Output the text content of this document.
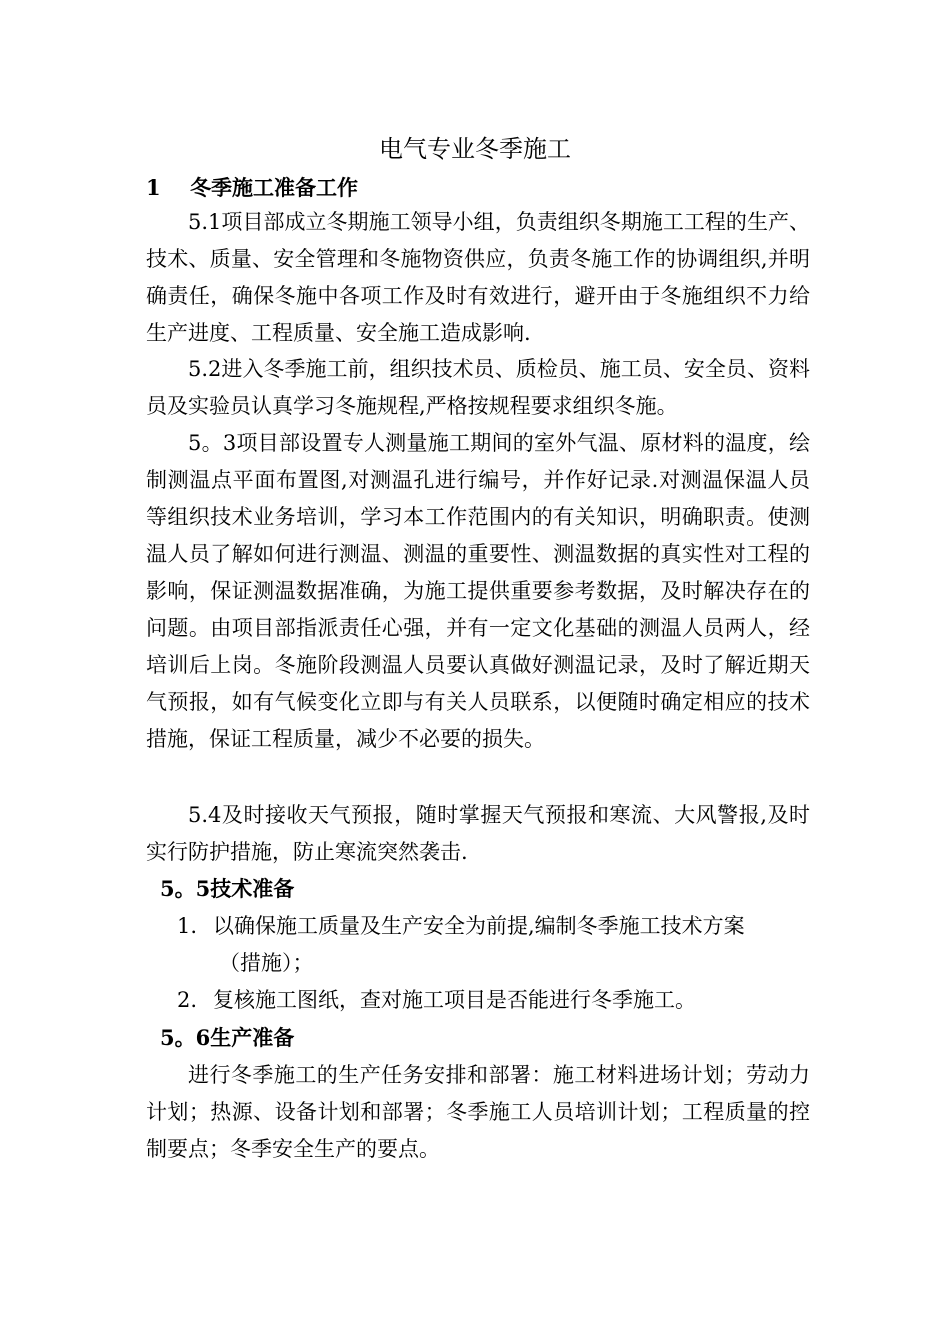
电气专业冬季施工
1 冬季施工准备工作
5.1项目部成立冬期施工领导小组，负责组织冬期施工工程的生产、技术、质量、安全管理和冬施物资供应，负责冬施工作的协调组织,并明确责任，确保冬施中各项工作及时有效进行，避开由于冬施组织不力给生产进度、工程质量、安全施工造成影响.
5.2进入冬季施工前，组织技术员、质检员、施工员、安全员、资料员及实验员认真学习冬施规程,严格按规程要求组织冬施。
5。3项目部设置专人测量施工期间的室外气温、原材料的温度，绘制测温点平面布置图,对测温孔进行编号，并作好记录.对测温保温人员等组织技术业务培训，学习本工作范围内的有关知识，明确职责。使测温人员了解如何进行测温、测温的重要性、测温数据的真实性对工程的影响，保证测温数据准确，为施工提供重要参考数据，及时解决存在的问题。由项目部指派责任心强，并有一定文化基础的测温人员两人，经培训后上岗。冬施阶段测温人员要认真做好测温记录，及时了解近期天气预报，如有气候变化立即与有关人员联系，以便随时确定相应的技术措施，保证工程质量，减少不必要的损失。
5.4及时接收天气预报，随时掌握天气预报和寒流、大风警报,及时实行防护措施，防止寒流突然袭击.
5。5技术准备
1. 以确保施工质量及生产安全为前提,编制冬季施工技术方案
（措施）；
2. 复核施工图纸，查对施工项目是否能进行冬季施工。
5。6生产准备
进行冬季施工的生产任务安排和部署：施工材料进场计划；劳动力计划；热源、设备计划和部署；冬季施工人员培训计划；工程质量的控制要点；冬季安全生产的要点。
